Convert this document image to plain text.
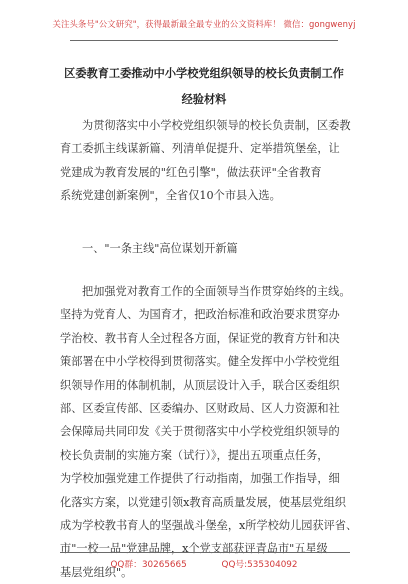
关注头条号"公文研究"，获得最新最全最专业的公文资料库！ 微信：gongwenyj
区委教育工委推动中小学校党组织领导的校长负责制工作
经验材料
为贯彻落实中小学校党组织领导的校长负责制，区委教
育工委抓主线谋新篇、列清单促提升、定举措筑堡垒，让
党建成为教育发展的"红色引擎"，做法获评"全省教育
系统党建创新案例"，全省仅10个市县入选。
一、"一条主线"高位谋划开新篇
把加强党对教育工作的全面领导当作贯穿始终的主线。
坚持为党育人、为国育才，把政治标准和政治要求贯穿办
学治校、教书育人全过程各方面，保证党的教育方针和决
策部署在中小学校得到贯彻落实。健全发挥中小学校党组
织领导作用的体制机制，从顶层设计入手，联合区委组织
部、区委宣传部、区委编办、区财政局、区人力资源和社
会保障局共同印发《关于贯彻落实中小学校党组织领导的
校长负责制的实施方案（试行）》，提出五项重点任务，
为学校加强党建工作提供了行动指南，加强工作指导，细
化落实方案，以党建引领x教育高质量发展，使基层党组织
成为学校教书育人的坚强战斗堡垒，x所学校幼儿园获评省、
市"一校一品"党建品牌，x个党支部获评青岛市"五星级
基层党组织"。
QQ群：30265665	QQ号:535304092
